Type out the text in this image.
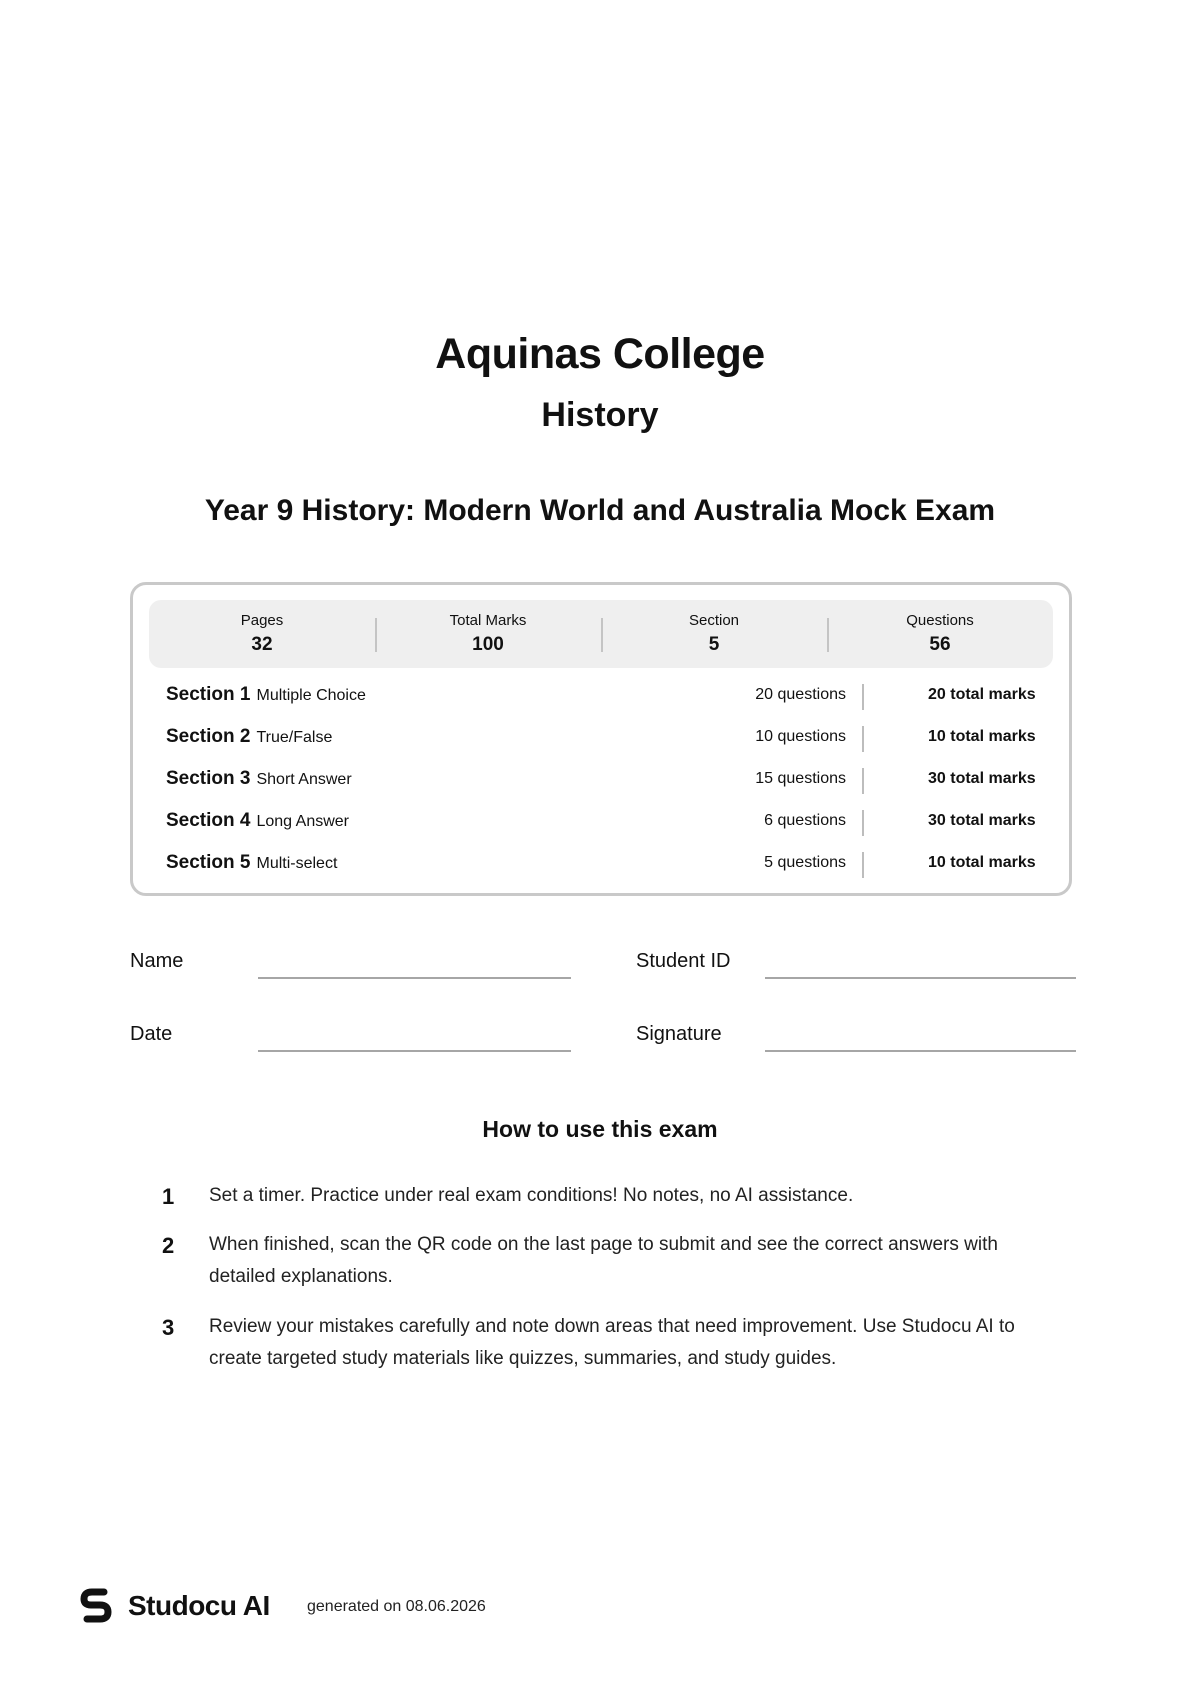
Aquinas College
History
Year 9 History: Modern World and Australia Mock Exam
Pages
32
Total Marks
100
Section
5
Questions
56
Section 1 Multiple Choice	20 questions	20 total marks
Section 2 True/False	10 questions	10 total marks
Section 3 Short Answer	15 questions	30 total marks
Section 4 Long Answer	6 questions	30 total marks
Section 5 Multi-select	5 questions	10 total marks
Name	Student ID
Date	Signature
How to use this exam
1 Set a timer. Practice under real exam conditions! No notes, no AI assistance.
2 When finished, scan the QR code on the last page to submit and see the correct answers with detailed explanations.
3 Review your mistakes carefully and note down areas that need improvement. Use Studocu AI to create targeted study materials like quizzes, summaries, and study guides.
Studocu AI generated on 08.06.2026
